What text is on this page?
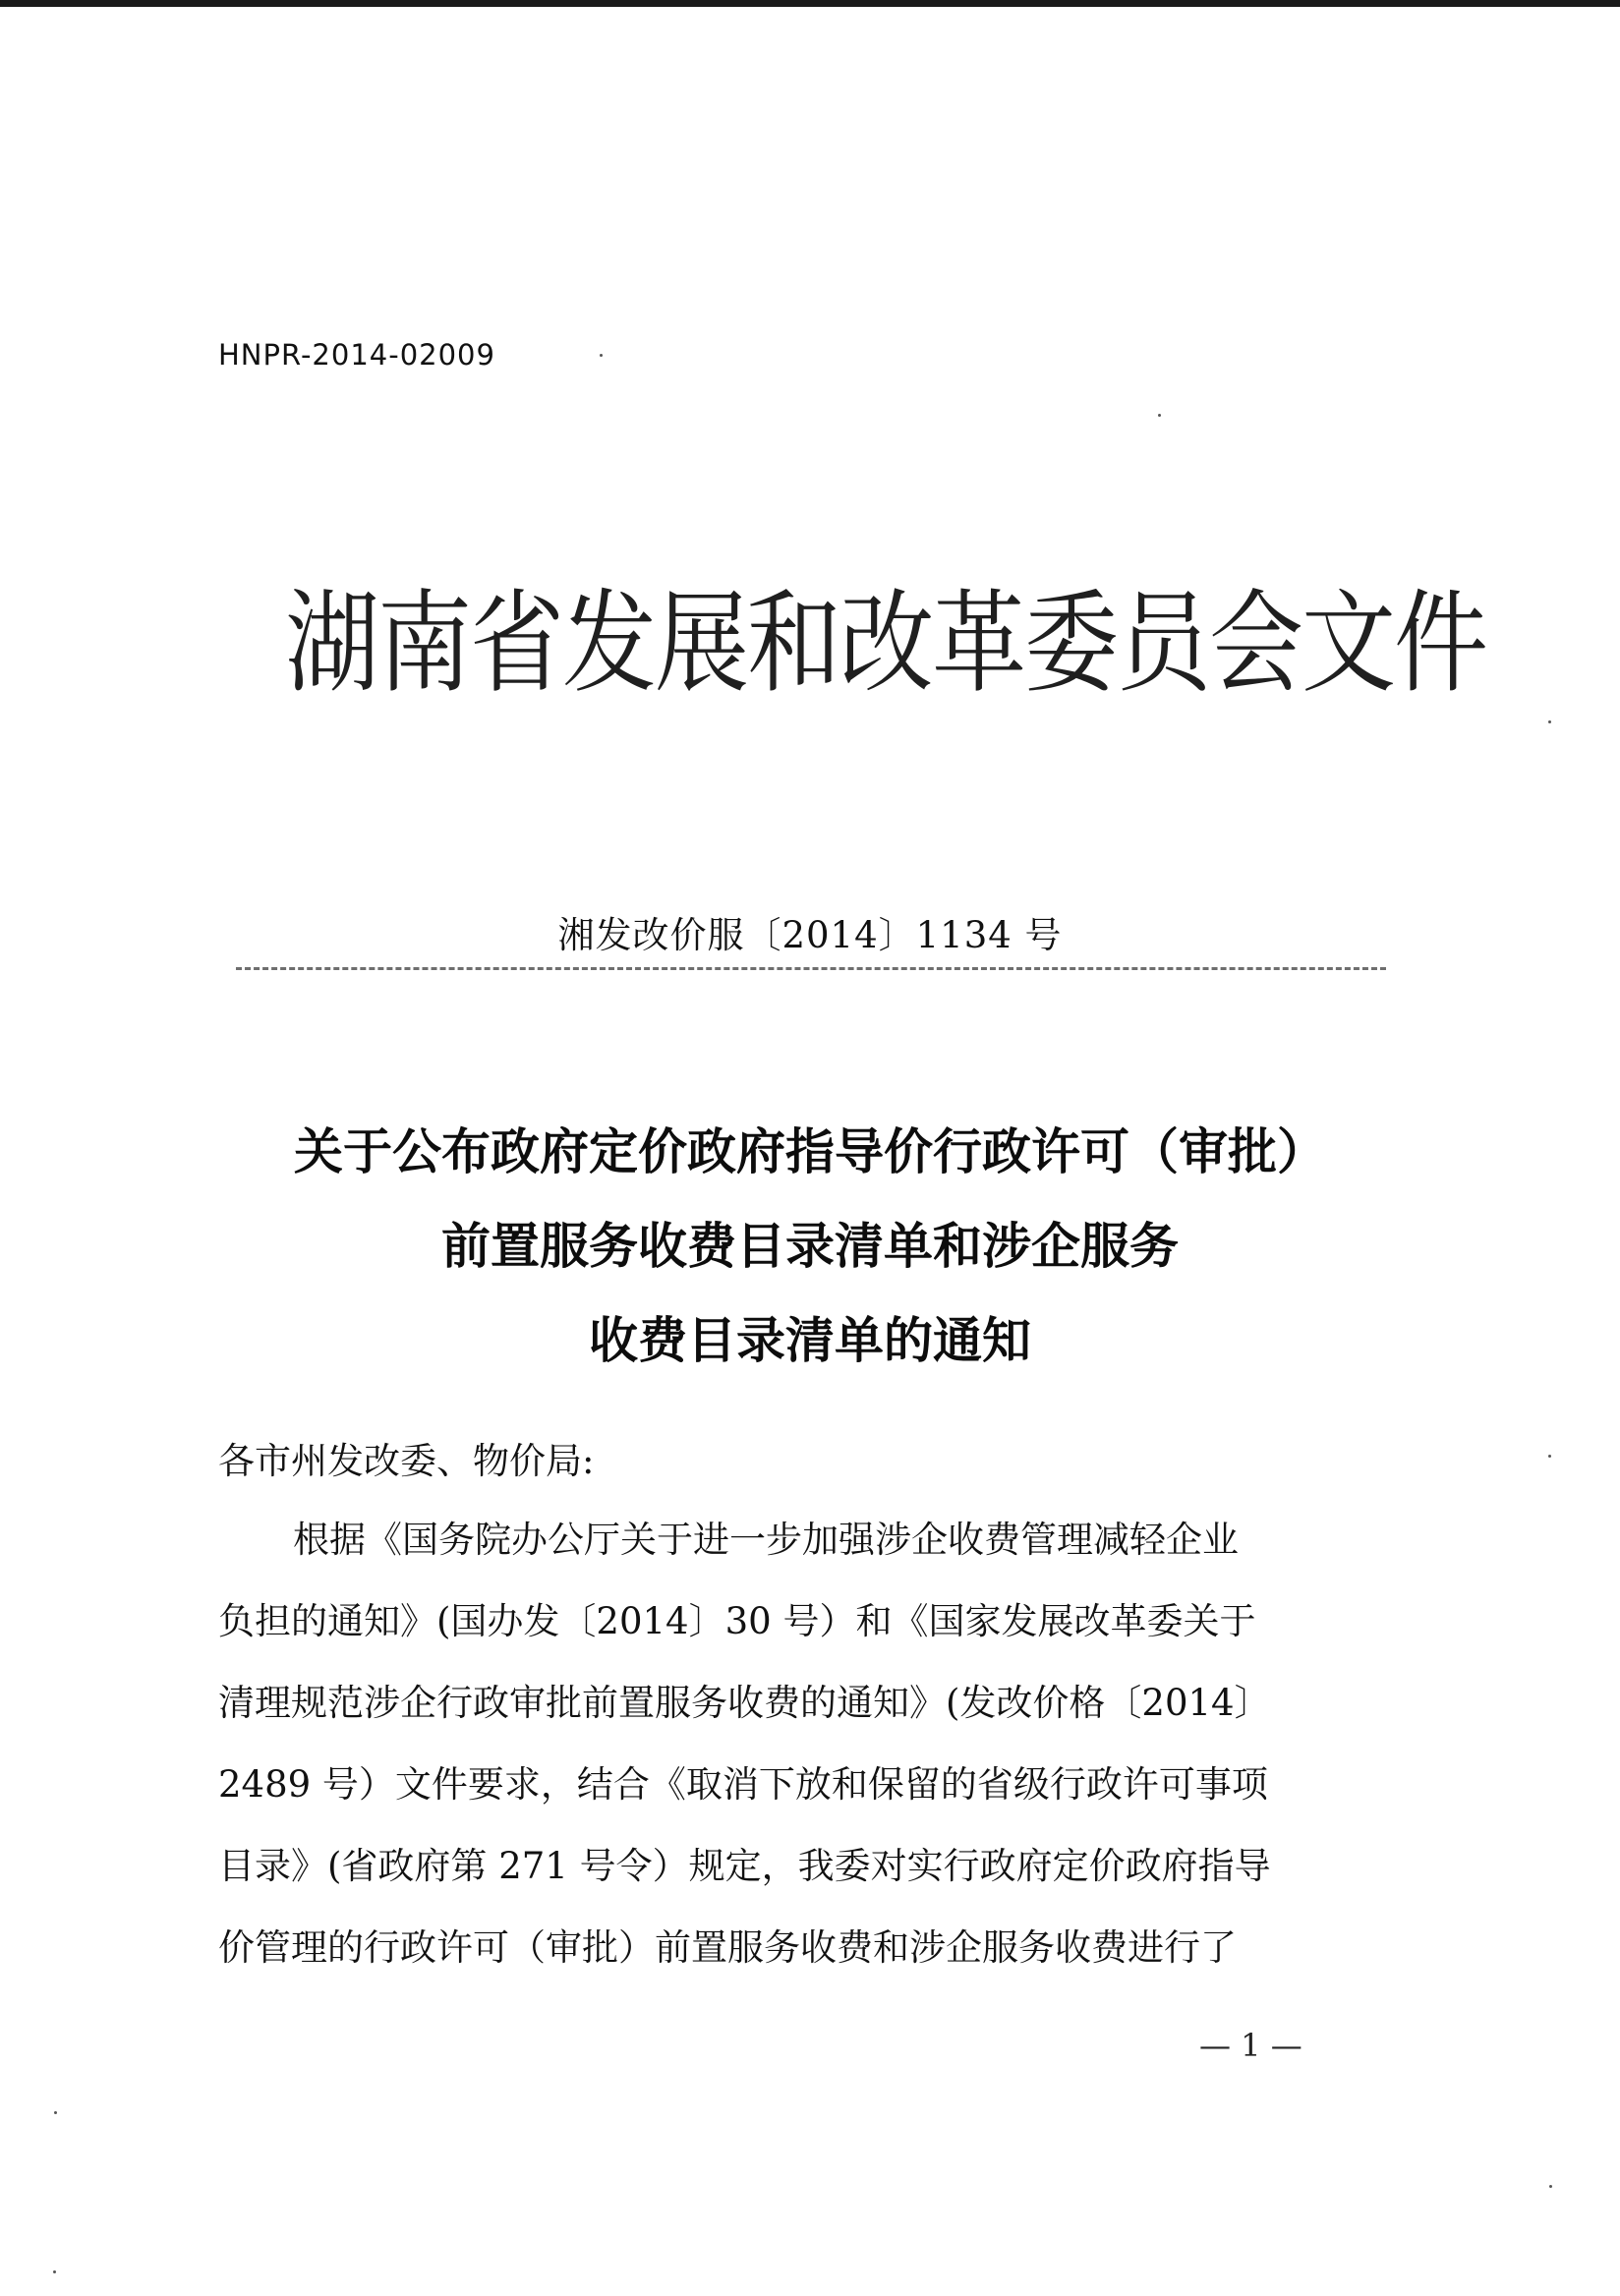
HNPR-2014-02009
湖南省发展和改革委员会文件
湘发改价服〔2014〕1134 号
关于公布政府定价政府指导价行政许可（审批）
前置服务收费目录清单和涉企服务
收费目录清单的通知
各市州发改委、物价局:
根据《国务院办公厅关于进一步加强涉企收费管理减轻企业
负担的通知》(国办发〔2014〕30 号）和《国家发展改革委关于
清理规范涉企行政审批前置服务收费的通知》(发改价格〔2014〕
2489 号）文件要求，结合《取消下放和保留的省级行政许可事项
目录》(省政府第 271 号令）规定，我委对实行政府定价政府指导
价管理的行政许可（审批）前置服务收费和涉企服务收费进行了
— 1 —
